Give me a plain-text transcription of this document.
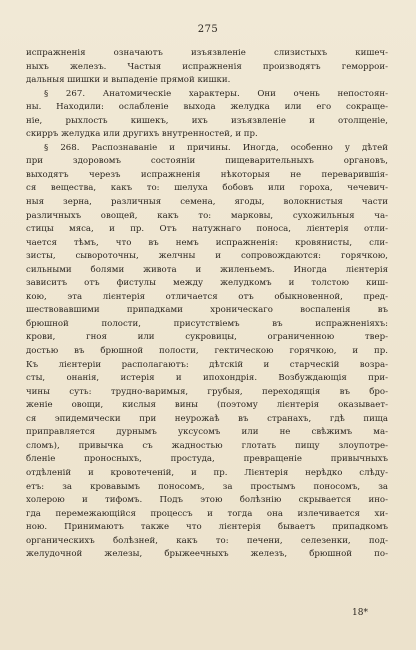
275
испражненія означаютъ изъязвленіе слизистыхъ кишеч-
ныхъ железъ. Частыя испражненія производятъ геморрои-
дальныя шишки и выпаденіе прямой кишки.
§ 267. Анатомическіе характеры. Они очень непостоян-
ны. Находили: ослабленіе выхода желудка или его сокраще-
ніе, рыхлость кишекъ, ихъ изъязвленіе и отолщеніе,
скирръ желудка или другихъ внутренностей, и пр.
§ 268. Распознаваніе и причины. Иногда, особенно у дѣтей
при здоровомъ состояніи пищеварительныхъ органовъ,
выходятъ черезъ испражненія нѣкоторыя не переварившія-
ся вещества, какъ то: шелуха бобовъ или гороха, чечевич-
ныя зерна, различныя семена, ягоды, волокнистыя части
различныхъ овощей, какъ то: марковы, сухожильныя ча-
стицы мяса, и пр. Отъ натужнаго поноса, лієнтерія отли-
чается тѣмъ, что въ немъ испражненія: кровянисты, сли-
зисты, сывороточны, желчны и сопровождаются: горячкою,
сильными болями живота и жиленьемъ. Иногда лієнтерія
зависитъ отъ фистулы между желудкомъ и толстою киш-
кою, эта лієнтерія отличается отъ обыкновенной, пред-
шествовавшими припадками хроническаго воспаленія въ
брюшной полости, присутствіемъ въ испражненіяхъ:
крови, гноя или сукровицы, ограниченною твер-
достью въ брюшной полости, гектическою горячкою, и пр.
Къ лієнтеріи располагаютъ: дѣтскій и старческій возра-
сты, онанія, истерія и ипохондрія. Возбуждающія при-
чины суть: трудно-варимыя, грубыя, переходящія въ бро-
женіе овощи, кислыя вины (поэтому лієнтерія оказывает-
ся эпидемически при неурожаѣ въ странахъ, гдѣ пища
приправляется дурнымъ уксусомъ или не свѣжимъ ма-
сломъ), привычка съ жадностью глотать пищу злоупотре-
бленіе проносныхъ, простуда, превращеніе привычныхъ
отдѣленій и кровотеченій, и пр. Лієнтерія нерѣдко слѣду-
етъ: за кровавымъ поносомъ, за простымъ поносомъ, за
холерою и тифомъ. Подъ этою болѣзнію скрывается ино-
гда перемежающійся процессъ и тогда она излечивается хи-
ною. Принимаютъ также что лієнтерія бываетъ припадкомъ
органическихъ болѣзней, какъ то: печени, селезенки, под-
желудочной железы, брыжеечныхъ железъ, брюшной по-
18*
